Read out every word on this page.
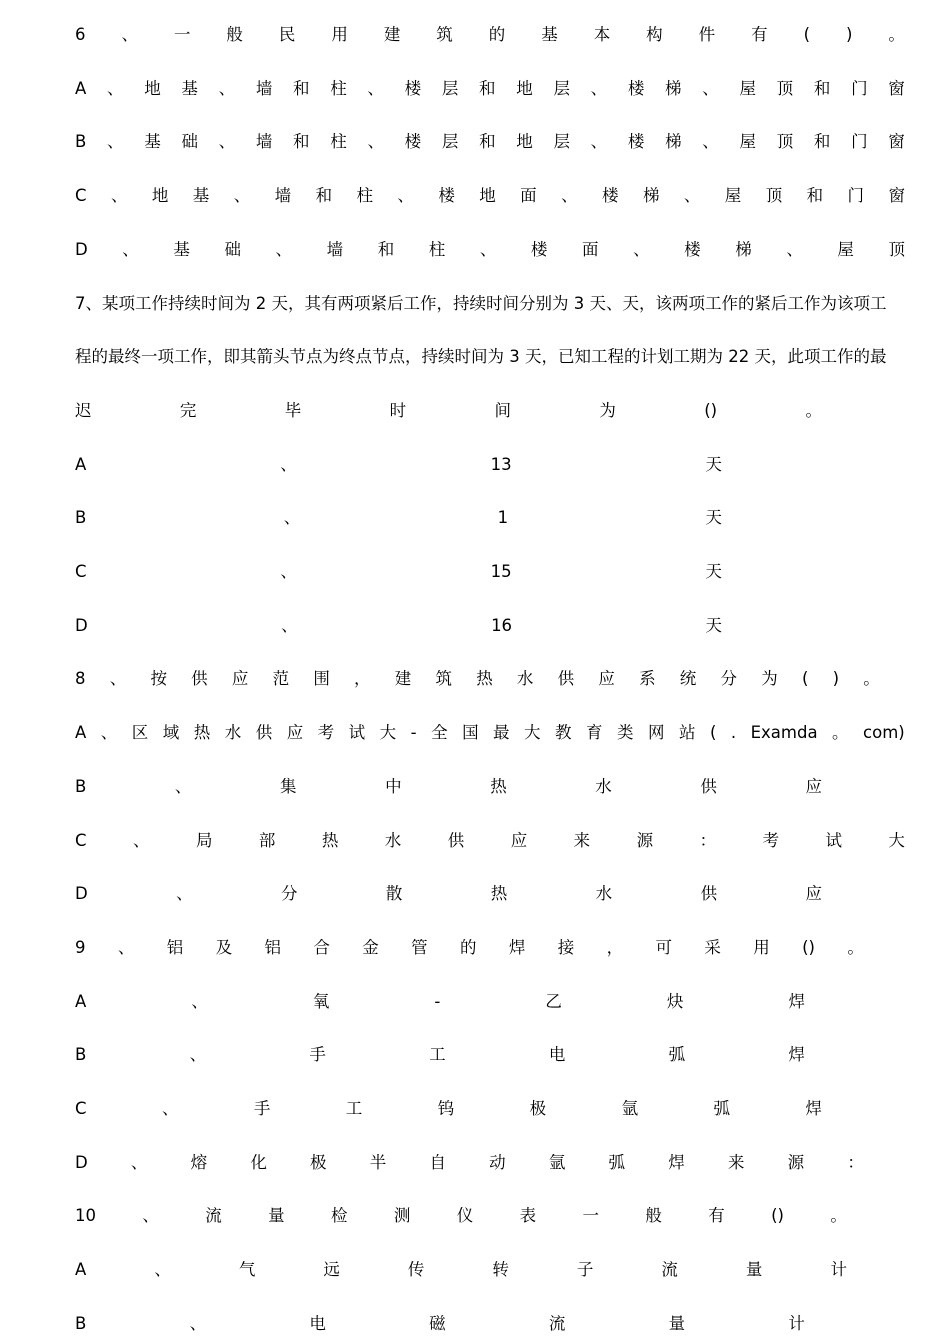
6 、 一 般 民 用 建 筑 的 基 本 构 件 有 ( ) 。
A 、 地 基 、 墙 和 柱 、 楼 层 和 地 层 、 楼 梯 、 屋 顶 和 门 窗
B 、 基 础 、 墙 和 柱 、 楼 层 和 地 层 、 楼 梯 、 屋 顶 和 门 窗
C 、 地 基 、 墙 和 柱 、 楼 地 面 、 楼 梯 、 屋 顶 和 门 窗
D 、 基 础 、 墙 和 柱 、 楼 面 、 楼 梯 、 屋 顶
7、某项工作持续时间为 2 天，其有两项紧后工作，持续时间分别为 3 天、天，该两项工作的紧后工作为该项工
程的最终一项工作，即其箭头节点为终点节点，持续时间为 3 天，已知工程的计划工期为 22 天，此项工作的最
迟	完	毕	时	间	为	()	。
A	、	13	天
B	、	1	天
C	、	15	天
D	、	16	天
8 、 按 供 应 范 围 ， 建 筑 热 水 供 应 系 统 分 为 ( ) 。
A 、 区 域 热 水 供 应 考 试 大 - 全 国 最 大 教 育 类 网 站 ( . Examda 。 com)
B	、	集	中	热	水	供	应
C	、	局	部	热	水	供	应	来	源	：	考	试	大
D	、	分	散	热	水	供	应
9 、 铝 及 铝 合 金 管 的 焊 接 ， 可 采 用 () 。
A	、	氧	-	乙	炔	焊
B	、	手	工	电	弧	焊
C	、	手	工	钨	极	氩	弧	焊
D	、	熔	化	极	半	自	动	氩	弧	焊	来	源	：
10	、	流	量	检	测	仪	表	一	般	有	()	。
A	、	气	远	传	转	子	流	量	计
B	、	电	磁	流	量	计
